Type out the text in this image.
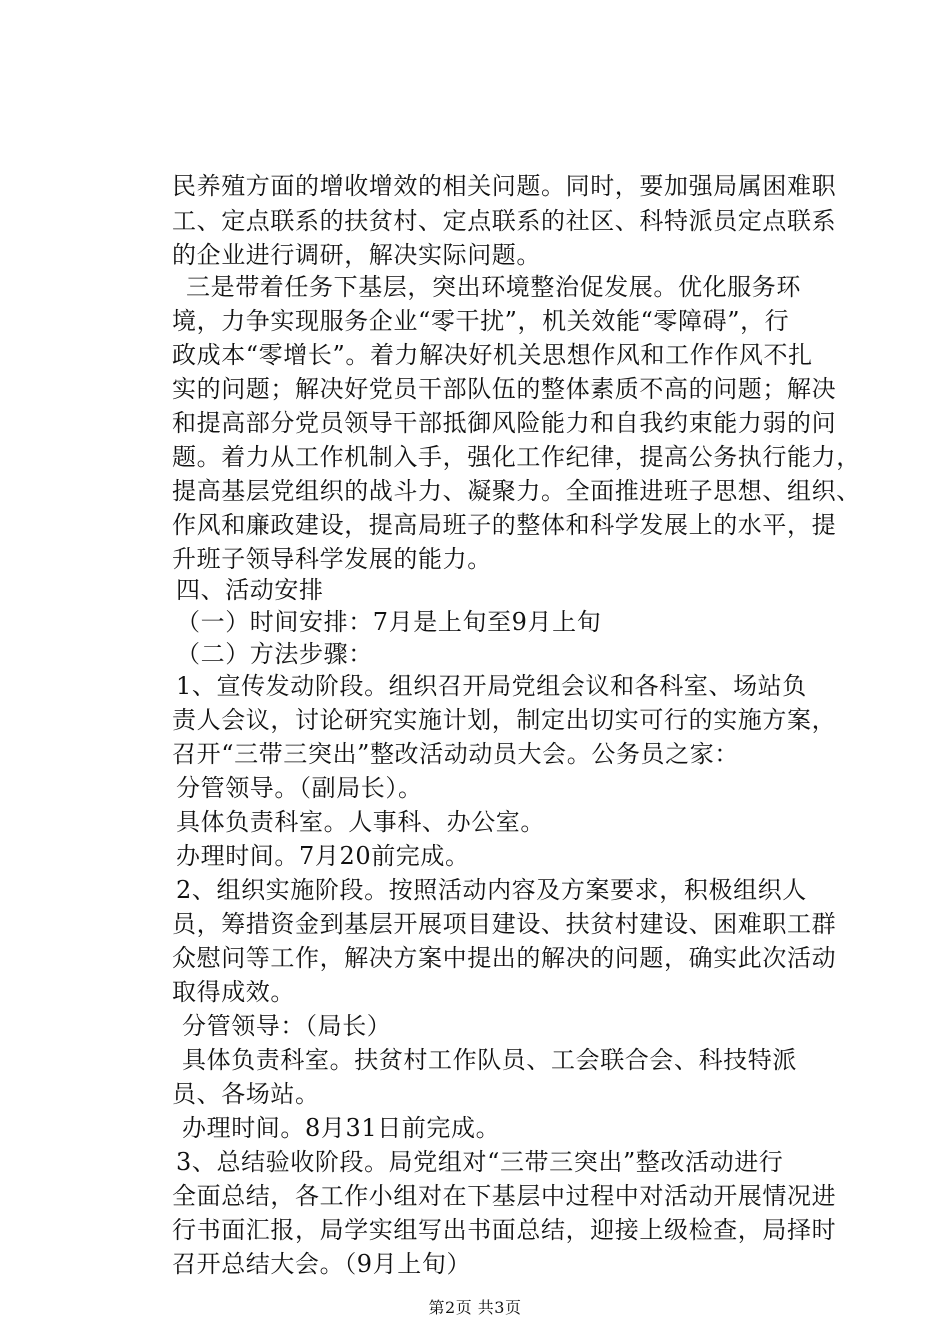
民养殖方面的增收增效的相关问题。同时，要加强局属困难职
工、定点联系的扶贫村、定点联系的社区、科特派员定点联系
的企业进行调研，解决实际问题。
三是带着任务下基层，突出环境整治促发展。优化服务环
境，力争实现服务企业“零干扰”，机关效能“零障碍”，行
政成本“零增长”。着力解决好机关思想作风和工作作风不扎
实的问题；解决好党员干部队伍的整体素质不高的问题；解决
和提高部分党员领导干部抵御风险能力和自我约束能力弱的问
题。着力从工作机制入手，强化工作纪律，提高公务执行能力，
提高基层党组织的战斗力、凝聚力。全面推进班子思想、组织、
作风和廉政建设，提高局班子的整体和科学发展上的水平，提
升班子领导科学发展的能力。
四、活动安排
（一）时间安排：7月是上旬至9月上旬
（二）方法步骤：
1、宣传发动阶段。组织召开局党组会议和各科室、场站负
责人会议，讨论研究实施计划，制定出切实可行的实施方案，
召开“三带三突出”整改活动动员大会。公务员之家：
分管领导。（副局长）。
具体负责科室。人事科、办公室。
办理时间。7月20前完成。
2、组织实施阶段。按照活动内容及方案要求，积极组织人
员，筹措资金到基层开展项目建设、扶贫村建设、困难职工群
众慰问等工作，解决方案中提出的解决的问题，确实此次活动
取得成效。
分管领导：（局长）
具体负责科室。扶贫村工作队员、工会联合会、科技特派
员、各场站。
办理时间。8月31日前完成。
3、总结验收阶段。局党组对“三带三突出”整改活动进行
全面总结，各工作小组对在下基层中过程中对活动开展情况进
行书面汇报，局学实组写出书面总结，迎接上级检查，局择时
召开总结大会。（9月上旬）
第2页 共3页
